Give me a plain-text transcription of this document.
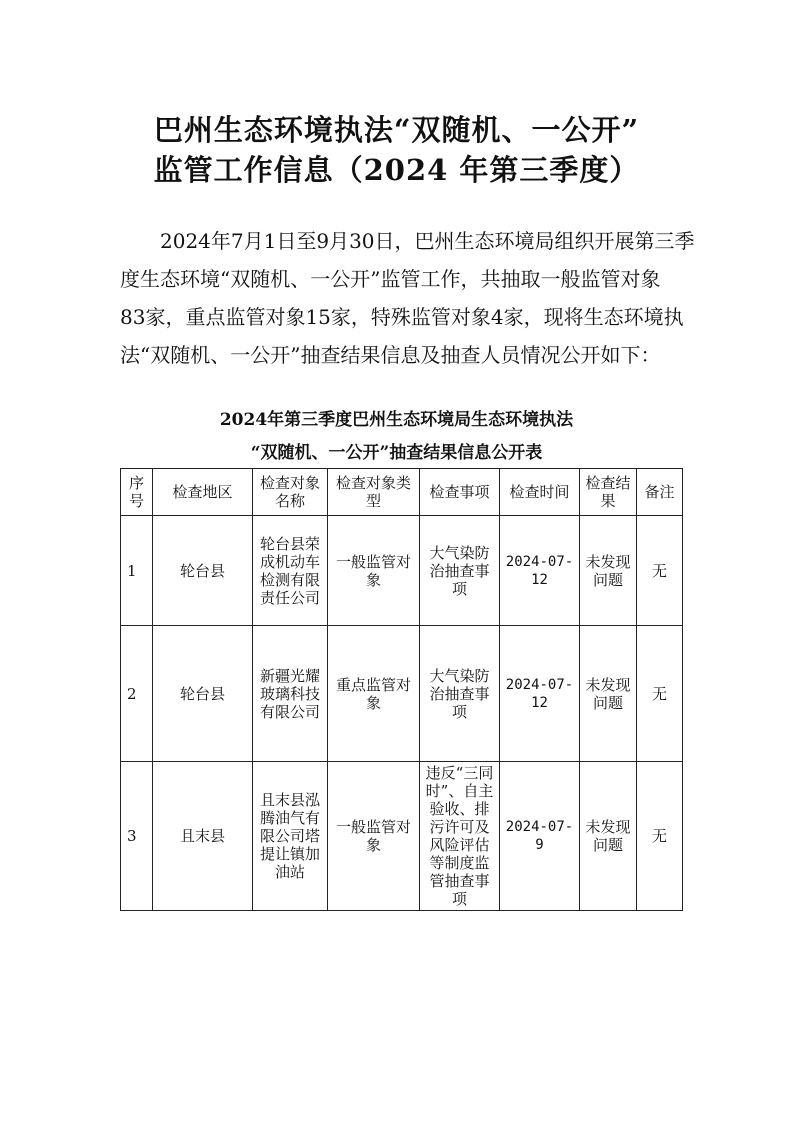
巴州生态环境执法“双随机、一公开”
监管工作信息（2024 年第三季度）
2024年7月1日至9月30日，巴州生态环境局组织开展第三季
度生态环境“双随机、一公开”监管工作，共抽取一般监管对象
83家，重点监管对象15家，特殊监管对象4家，现将生态环境执
法“双随机、一公开”抽查结果信息及抽查人员情况公开如下：
2024年第三季度巴州生态环境局生态环境执法
“双随机、一公开”抽查结果信息公开表
序号	检查地区	检查对象名称	检查对象类型	检查事项	检查时间	检查结果	备注
1	轮台县	轮台县荣成机动车检测有限责任公司	一般监管对象	大气染防治抽查事项	2024-07-12	未发现问题	无
2	轮台县	新疆光耀玻璃科技有限公司	重点监管对象	大气染防治抽查事项	2024-07-12	未发现问题	无
3	且末县	且末县泓腾油气有限公司塔提让镇加油站	一般监管对象	违反“三同时”、自主验收、排污许可及风险评估等制度监管抽查事项	2024-07-9	未发现问题	无
